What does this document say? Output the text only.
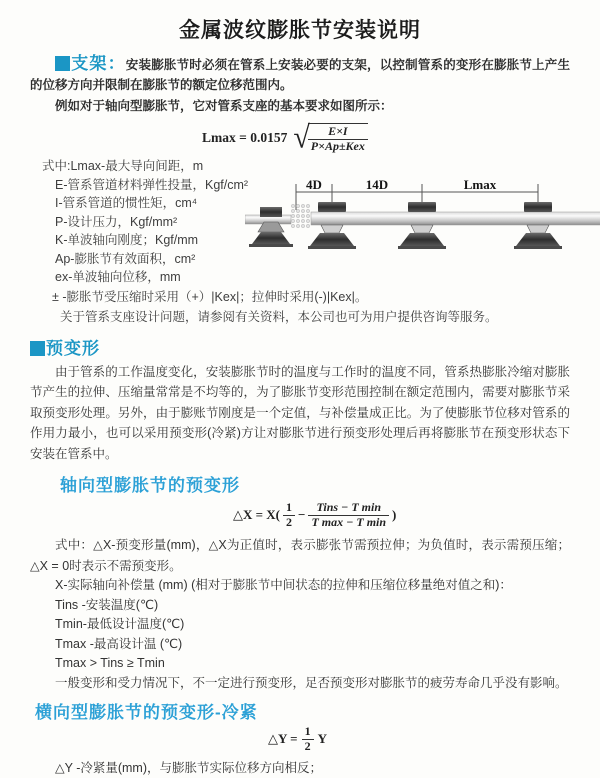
金属波纹膨胀节安装说明

支架：安装膨胀节时必须在管系上安装必要的支架，以控制管系的变形在膨胀节上产生的位移方向并限制在膨胀节的额定位移范围内。

例如对于轴向型膨胀节，它对管系支座的基本要求如图所示：

Lmax = 0.0157 √
$\frac{E\times I}{\text{P×Ap±Kex}}$
式中:Lmax-最大导向间距，m
E-管系管道材料弹性投量，Kgf/cm²
I-管系管道的惯性矩，cm⁴
P-设计压力，Kgf/mm²
K-单波轴向刚度；Kgf/mm
Ap-膨胀节有效面积，cm²
ex-单波轴向位移，mm
4D	14D	Lmax
± -膨胀节受压缩时采用（+）|Kex|；拉伸时采用(-)|Kex|。
关于管系支座设计问题，请参阅有关资料，本公司也可为用户提供咨询等服务。
预变形

由于管系的工作温度变化，安装膨胀节时的温度与工作时的温度不同，管系热膨胀冷缩对膨胀节产生的拉伸、压缩量常常是不均等的，为了膨胀节变形范围控制在额定范围内，需要对膨胀节采取预变形处理。另外，由于膨账节刚度是一个定值，与补偿量成正比。为了使膨胀节位移对管系的作用力最小，也可以采用预变形(冷紧)方让对膨胀节进行预变形处理后再将膨胀节在预变形状态下安装在管系中。

轴向型膨胀节的预变形
△X = $X( \frac{1}{2} - \frac{\text{Tins − T min}}{\text{T max − T min}}$ )

式中：△X-预变形量(mm)，△X为正值时，表示膨张节需预拉伸；为负值时，表示需预压缩；△X = 0时表示不需预变形。

X-实际轴向补偿量 (mm) (相对于膨胀节中间状态的拉伸和压缩位移量绝对值之和)：
Tins -安装温度(℃)
Tmin-最低设计温度(℃)
Tmax -最高设计温 (℃)
Tmax > Tins ≥ Tmin
一般变形和受力情况下，不一定进行预变形，足否预变形对膨胀节的疲劳寿命几乎没有影响。
横向型膨胀节的预变形-冷紧
△Y = $\frac{1}{2}$ Y
△Y -冷紧量(mm)，与膨胀节实际位移方向相反；
